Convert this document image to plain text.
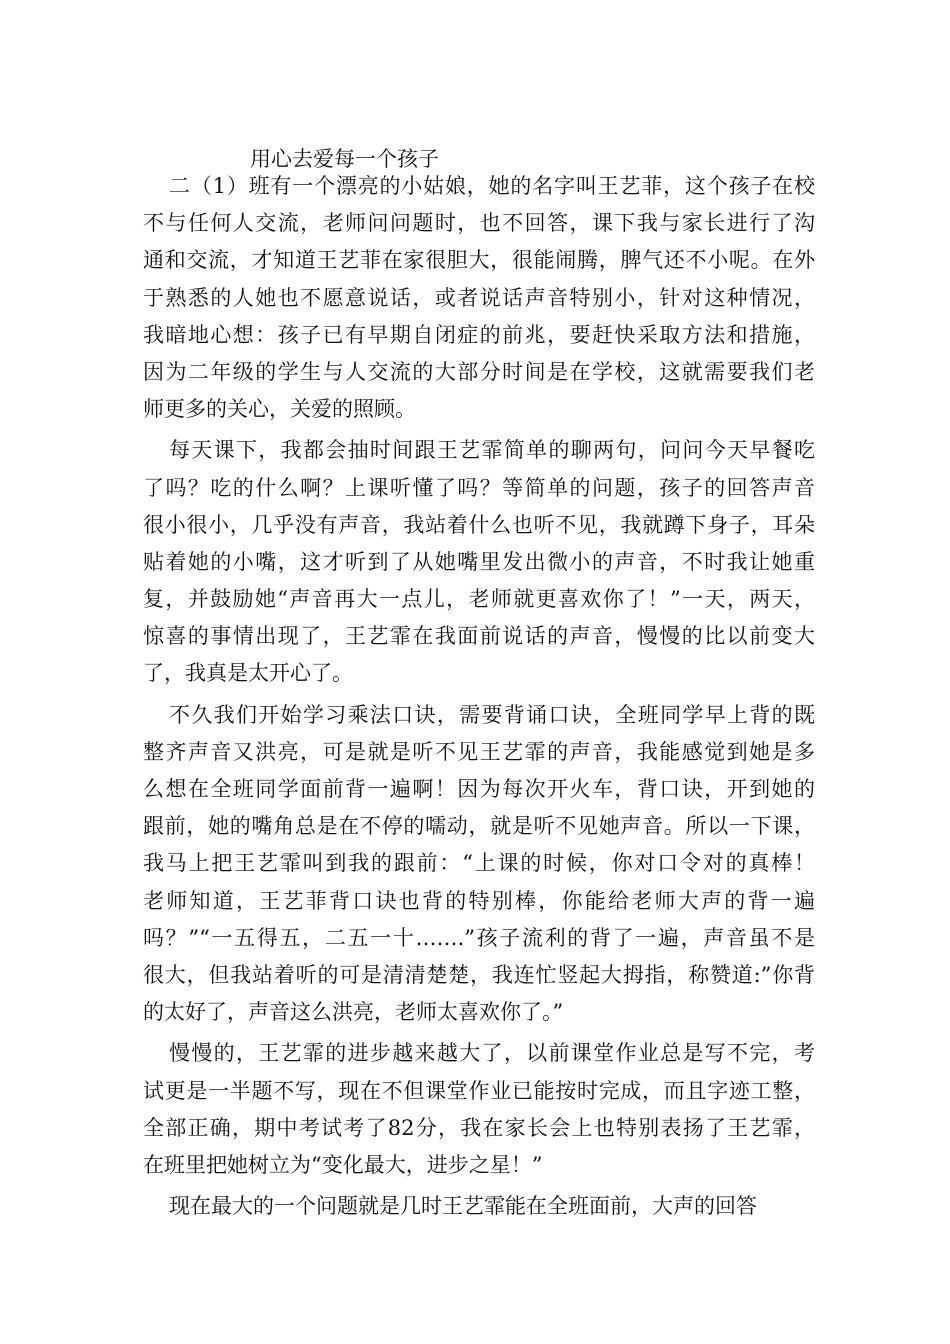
用心去爱每一个孩子
二（1）班有一个漂亮的小姑娘，她的名字叫王艺菲，这个孩子在校
不与任何人交流，老师问问题时，也不回答，课下我与家长进行了沟
通和交流，才知道王艺菲在家很胆大，很能闹腾，脾气还不小呢。在外
于熟悉的人她也不愿意说话，或者说话声音特别小，针对这种情况，
我暗地心想：孩子已有早期自闭症的前兆，要赶快采取方法和措施，
因为二年级的学生与人交流的大部分时间是在学校，这就需要我们老
师更多的关心，关爱的照顾。
每天课下，我都会抽时间跟王艺霏简单的聊两句，问问今天早餐吃
了吗？吃的什么啊？上课听懂了吗？等简单的问题，孩子的回答声音
很小很小，几乎没有声音，我站着什么也听不见，我就蹲下身子，耳朵
贴着她的小嘴，这才听到了从她嘴里发出微小的声音，不时我让她重
复，并鼓励她“声音再大一点儿，老师就更喜欢你了！”一天，两天，
惊喜的事情出现了，王艺霏在我面前说话的声音，慢慢的比以前变大
了，我真是太开心了。
不久我们开始学习乘法口诀，需要背诵口诀，全班同学早上背的既
整齐声音又洪亮，可是就是听不见王艺霏的声音，我能感觉到她是多
么想在全班同学面前背一遍啊！因为每次开火车，背口诀，开到她的
跟前，她的嘴角总是在不停的嚅动，就是听不见她声音。所以一下课，
我马上把王艺霏叫到我的跟前：“上课的时候，你对口令对的真棒！
老师知道，王艺菲背口诀也背的特别棒，你能给老师大声的背一遍
吗？”“一五得五，二五一十…….”孩子流利的背了一遍，声音虽不是
很大，但我站着听的可是清清楚楚，我连忙竖起大拇指，称赞道:”你背
的太好了，声音这么洪亮，老师太喜欢你了。”
慢慢的，王艺霏的进步越来越大了，以前课堂作业总是写不完，考
试更是一半题不写，现在不但课堂作业已能按时完成，而且字迹工整，
全部正确，期中考试考了82分，我在家长会上也特别表扬了王艺霏，
在班里把她树立为“变化最大，进步之星！”
现在最大的一个问题就是几时王艺霏能在全班面前，大声的回答
